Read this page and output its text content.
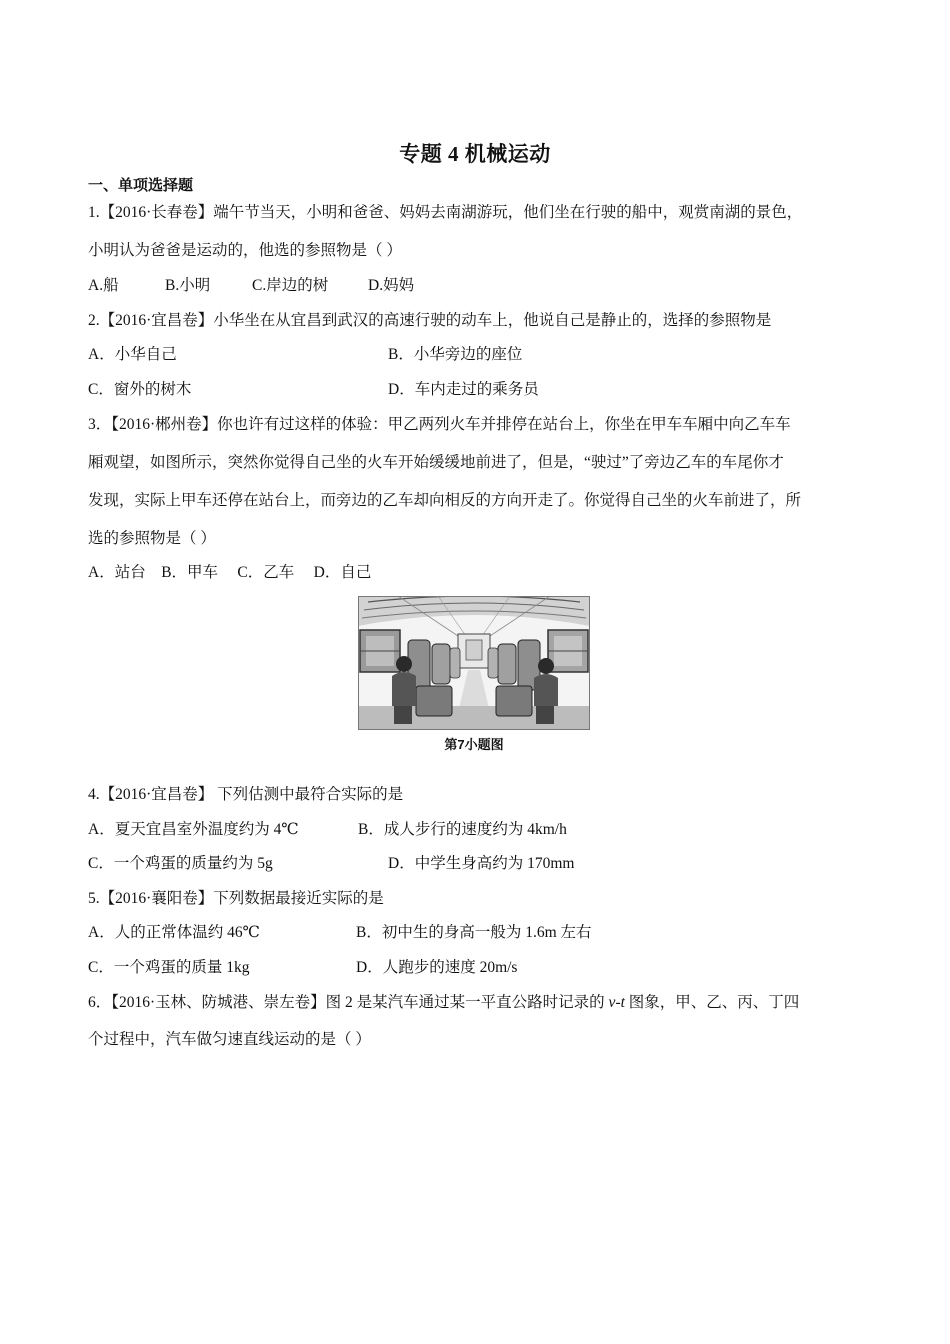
专题 4 机械运动
一、单项选择题
1.【2016·长春卷】端午节当天，小明和爸爸、妈妈去南湖游玩，他们坐在行驶的船中，观赏南湖的景色，
小明认为爸爸是运动的，他选的参照物是（ ）
A.船	B.小明	C.岸边的树	D.妈妈
2.【2016·宜昌卷】小华坐在从宜昌到武汉的高速行驶的动车上，他说自己是静止的，选择的参照物是
A．小华自己	B．小华旁边的座位
C．窗外的树木	D．车内走过的乘务员
3．【2016·郴州卷】你也许有过这样的体验：甲乙两列火车并排停在站台上，你坐在甲车车厢中向乙车车
厢观望，如图所示，突然你觉得自己坐的火车开始缓缓地前进了，但是，“驶过”了旁边乙车的车尾你才
发现，实际上甲车还停在站台上，而旁边的乙车却向相反的方向开走了。你觉得自己坐的火车前进了，所
选的参照物是（ ）
A．站台    B．甲车     C．乙车     D．自己
第7小题图
4.【2016·宜昌卷】 下列估测中最符合实际的是
A．夏天宜昌室外温度约为 4℃	B．成人步行的速度约为 4km/h
C．一个鸡蛋的质量约为 5g	D．中学生身高约为 170mm
5.【2016·襄阳卷】下列数据最接近实际的是
A．人的正常体温约 46℃	B．初中生的身高一般为 1.6m 左右
C．一个鸡蛋的质量 1kg	D．人跑步的速度 20m/s
6．【2016·玉林、防城港、崇左卷】图 2 是某汽车通过某一平直公路时记录的 v-t 图象，甲、乙、丙、丁四
个过程中，汽车做匀速直线运动的是（ ）
